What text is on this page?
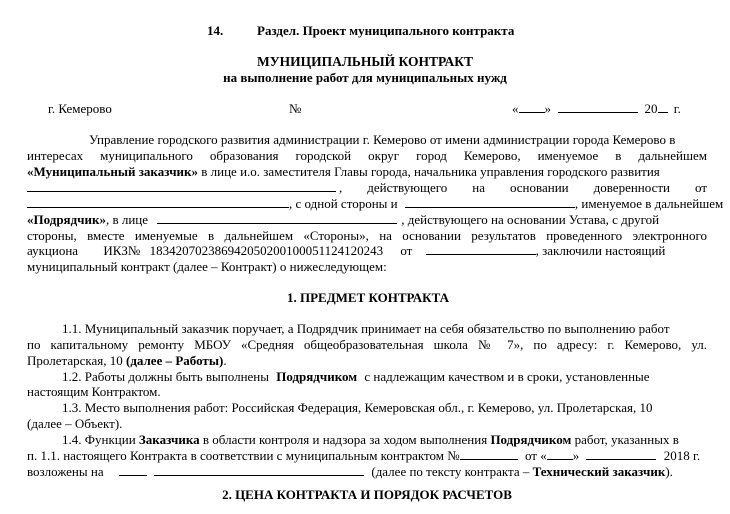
14.	Раздел. Проект муниципального контракта
МУНИЦИПАЛЬНЫЙ КОНТРАКТ
на выполнение работ для муниципальных нужд
г. Кемерово	№	« »	20 г.
Управление городского развития администрации г. Кемерово от имени администрации города Кемерово в
интересах муниципального образования городской округ город Кемерово, именуемое в дальнейшем
«Муниципальный заказчик» в лице и.о. заместителя Главы города, начальника управления городского развития
, действующего на основании доверенности от
, с одной стороны и	, именуемое в дальнейшем
«Подрядчик», в лице	, действующего на основании Устава, с другой
стороны, вместе именуемые в дальнейшем «Стороны», на основании результатов проведенного электронного
аукциона ИКЗ№ 183420702386942050200100051124120243 от	, заключили настоящий
муниципальный контракт (далее – Контракт) о нижеследующем:
1. ПРЕДМЕТ КОНТРАКТА
1.1. Муниципальный заказчик поручает, а Подрядчик принимает на себя обязательство по выполнению работ
по капитальному ремонту МБОУ «Средняя общеобразовательная школа № 7», по адресу: г. Кемерово, ул.
Пролетарская, 10 (далее – Работы).
1.2. Работы должны быть выполнены Подрядчиком с надлежащим качеством и в сроки, установленные
настоящим Контрактом.
1.3. Место выполнения работ: Российская Федерация, Кемеровская обл., г. Кемерово, ул. Пролетарская, 10
(далее – Объект).
1.4. Функции Заказчика в области контроля и надзора за ходом выполнения Подрядчиком работ, указанных в
п. 1.1. настоящего Контракта в соответствии с муниципальным контрактом №	от « »	2018 г.
возложены на	(далее по тексту контракта – Технический заказчик).
2. ЦЕНА КОНТРАКТА И ПОРЯДОК РАСЧЕТОВ
